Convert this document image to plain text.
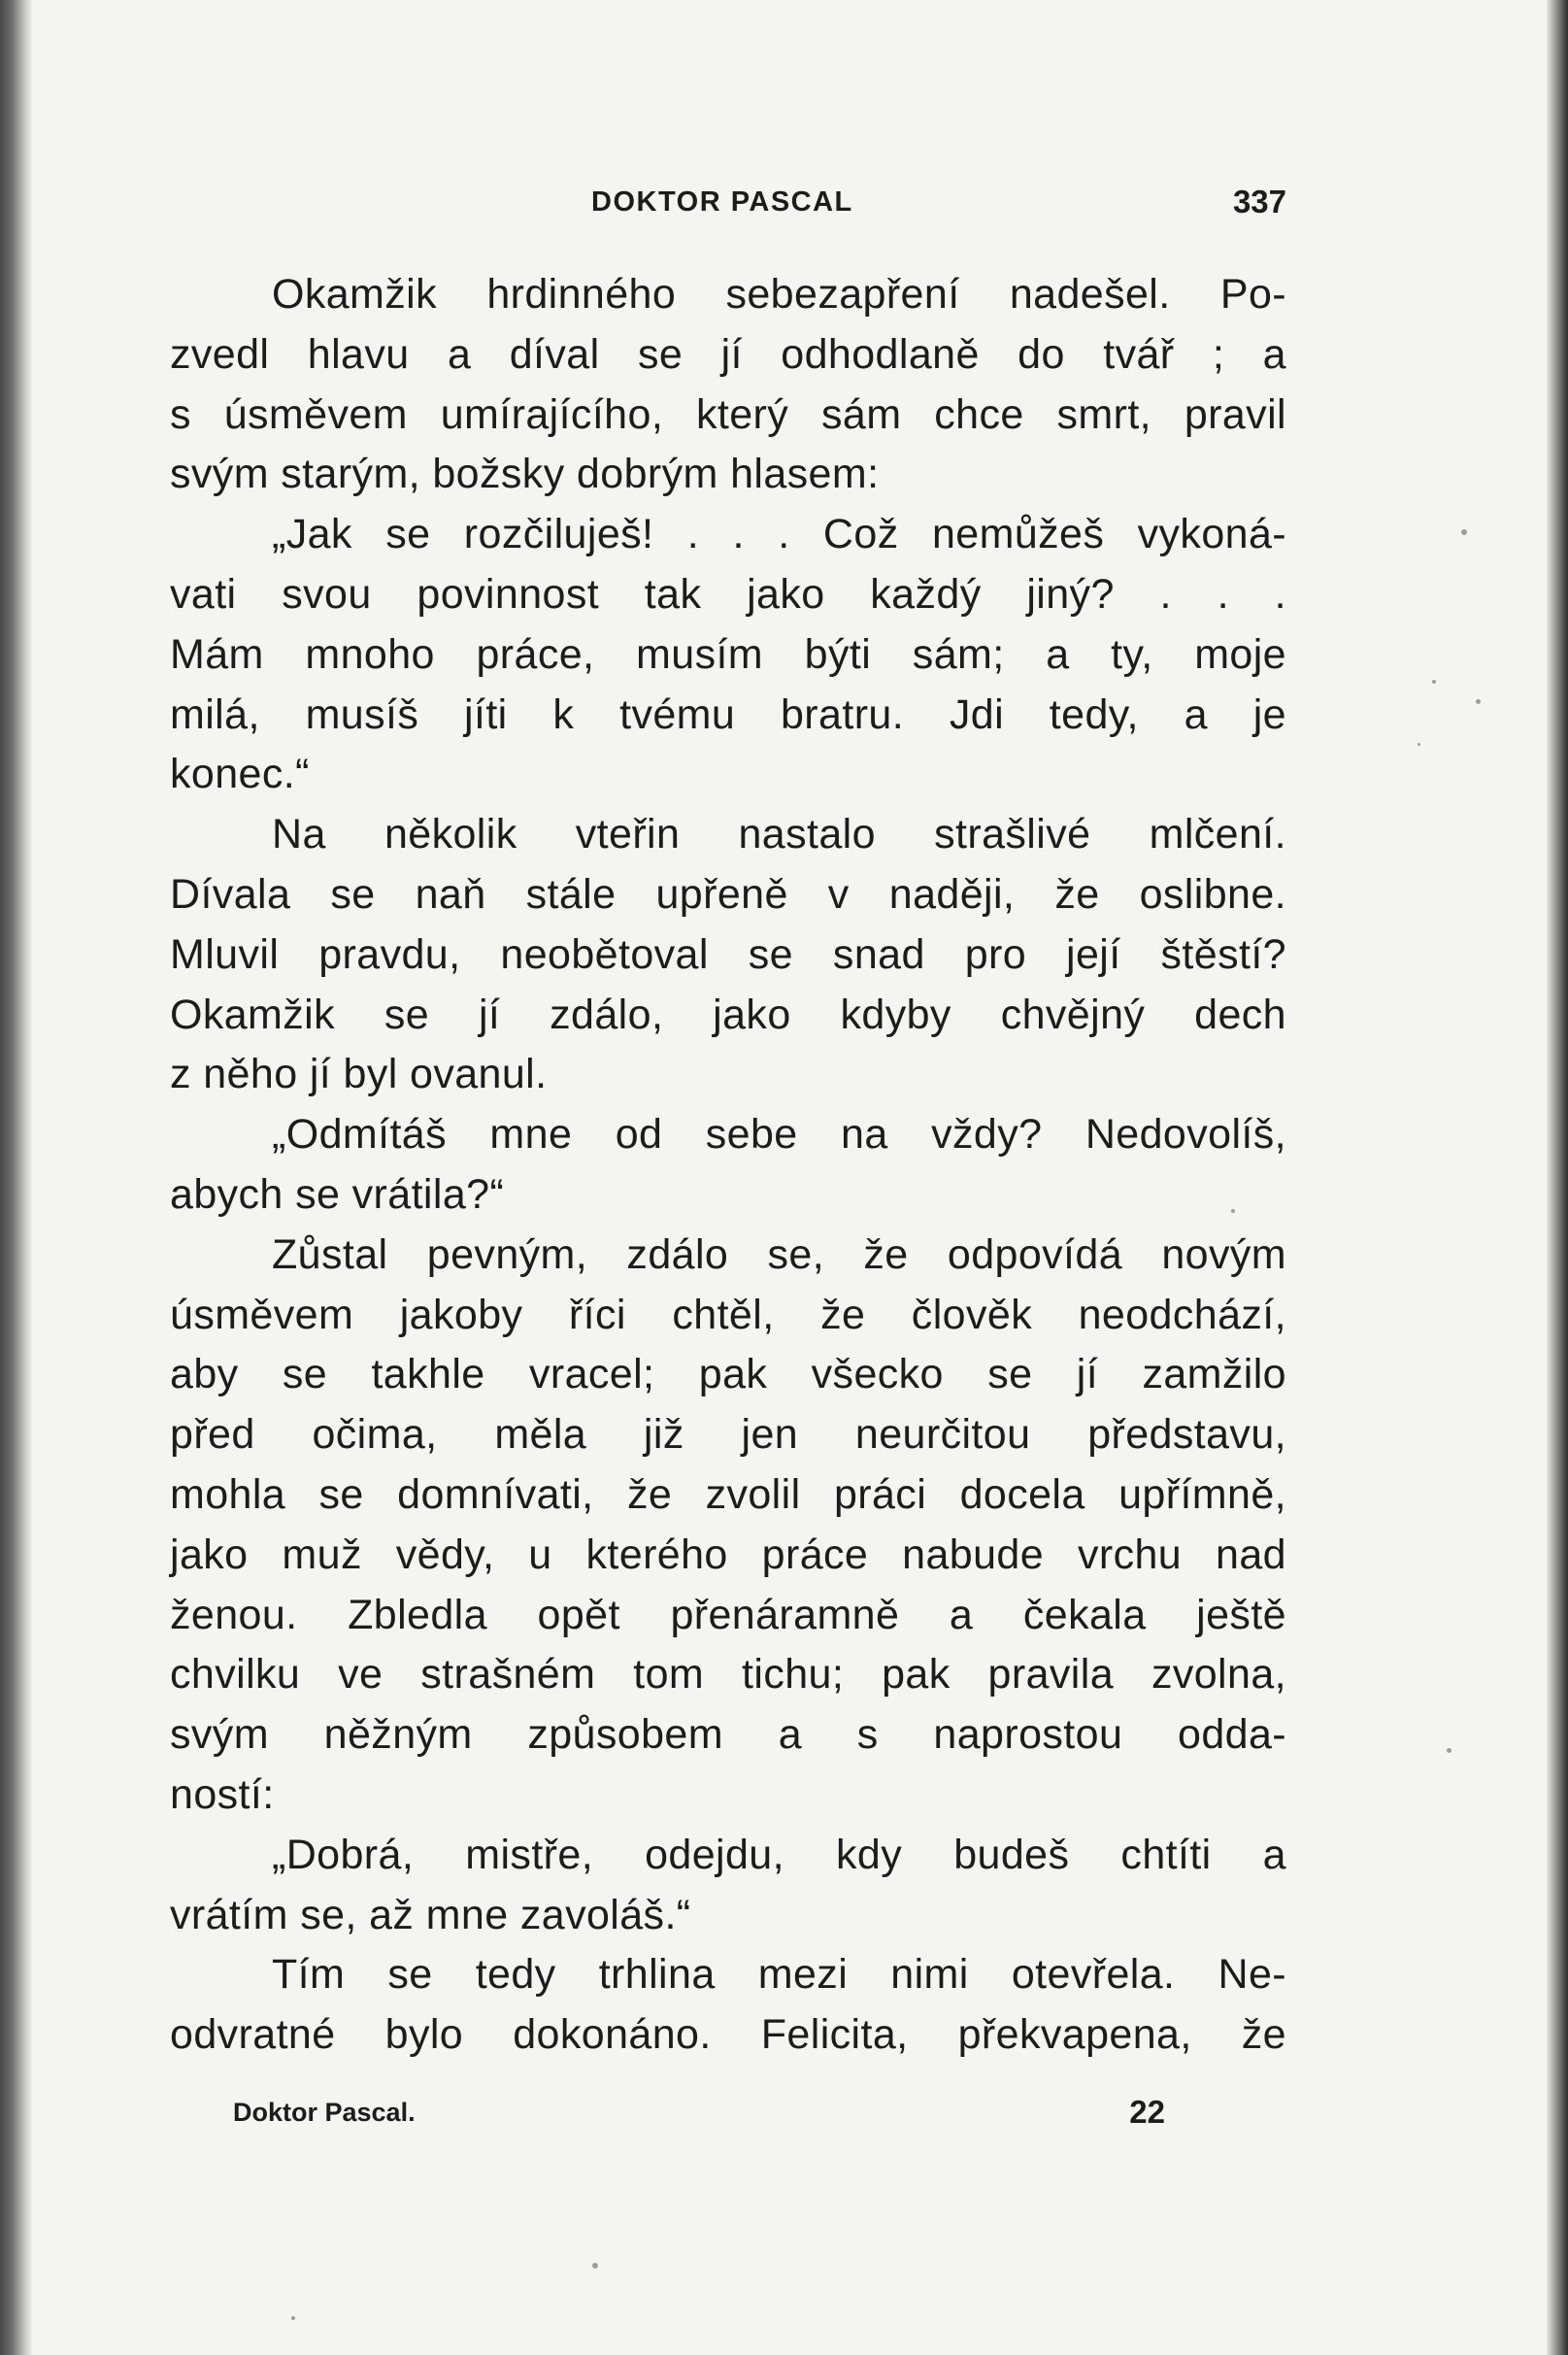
DOKTOR PASCAL	337
Okamžik hrdinného sebezapření nadešel. Po-
zvedl hlavu a díval se jí odhodlaně do tvář ; a
s úsměvem umírajícího, který sám chce smrt, pravil
svým starým, božsky dobrým hlasem:
„Jak se rozčiluješ! . . . Což nemůžeš vykoná-
vati svou povinnost tak jako každý jiný? . . .
Mám mnoho práce, musím býti sám; a ty, moje
milá, musíš jíti k tvému bratru. Jdi tedy, a je
konec.“
Na několik vteřin nastalo strašlivé mlčení.
Dívala se naň stále upřeně v naději, že oslibne.
Mluvil pravdu, neobětoval se snad pro její štěstí?
Okamžik se jí zdálo, jako kdyby chvějný dech
z něho jí byl ovanul.
„Odmítáš mne od sebe na vždy? Nedovolíš,
abych se vrátila?“
Zůstal pevným, zdálo se, že odpovídá novým
úsměvem jakoby říci chtěl, že člověk neodchází,
aby se takhle vracel; pak všecko se jí zamžilo
před očima, měla již jen neurčitou představu,
mohla se domnívati, že zvolil práci docela upřímně,
jako muž vědy, u kterého práce nabude vrchu nad
ženou. Zbledla opět přenáramně a čekala ještě
chvilku ve strašném tom tichu; pak pravila zvolna,
svým něžným způsobem a s naprostou odda-
ností:
„Dobrá, mistře, odejdu, kdy budeš chtíti a
vrátím se, až mne zavoláš.“
Tím se tedy trhlina mezi nimi otevřela. Ne-
odvratné bylo dokonáno. Felicita, překvapena, že
Doktor Pascal.	22
